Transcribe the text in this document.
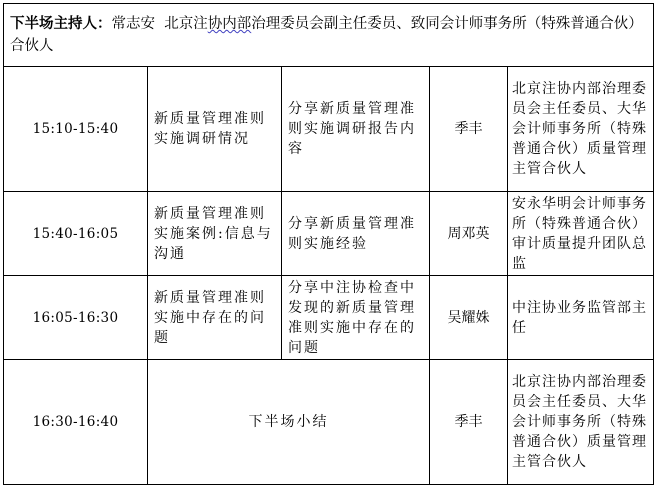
下半场主持人：常志安 北京注协内部治理委员会副主任委员、致同会计师事务所（特殊普通合伙）合伙人				
15:10-15:40	新质量管理准则实施调研情况	分享新质量管理准则实施调研报告内容	季丰	北京注协内部治理委员会主任委员、大华会计师事务所（特殊普通合伙）质量管理主管合伙人
15:40-16:05	新质量管理准则实施案例:信息与沟通	分享新质量管理准则实施经验	周邓英	安永华明会计师事务所（特殊普通合伙）审计质量提升团队总监
16:05-16:30	新质量管理准则实施中存在的问题	分享中注协检查中发现的新质量管理准则实施中存在的问题	吴耀姝	中注协业务监管部主任
16:30-16:40	下半场小结		季丰	北京注协内部治理委员会主任委员、大华会计师事务所（特殊普通合伙）质量管理主管合伙人
